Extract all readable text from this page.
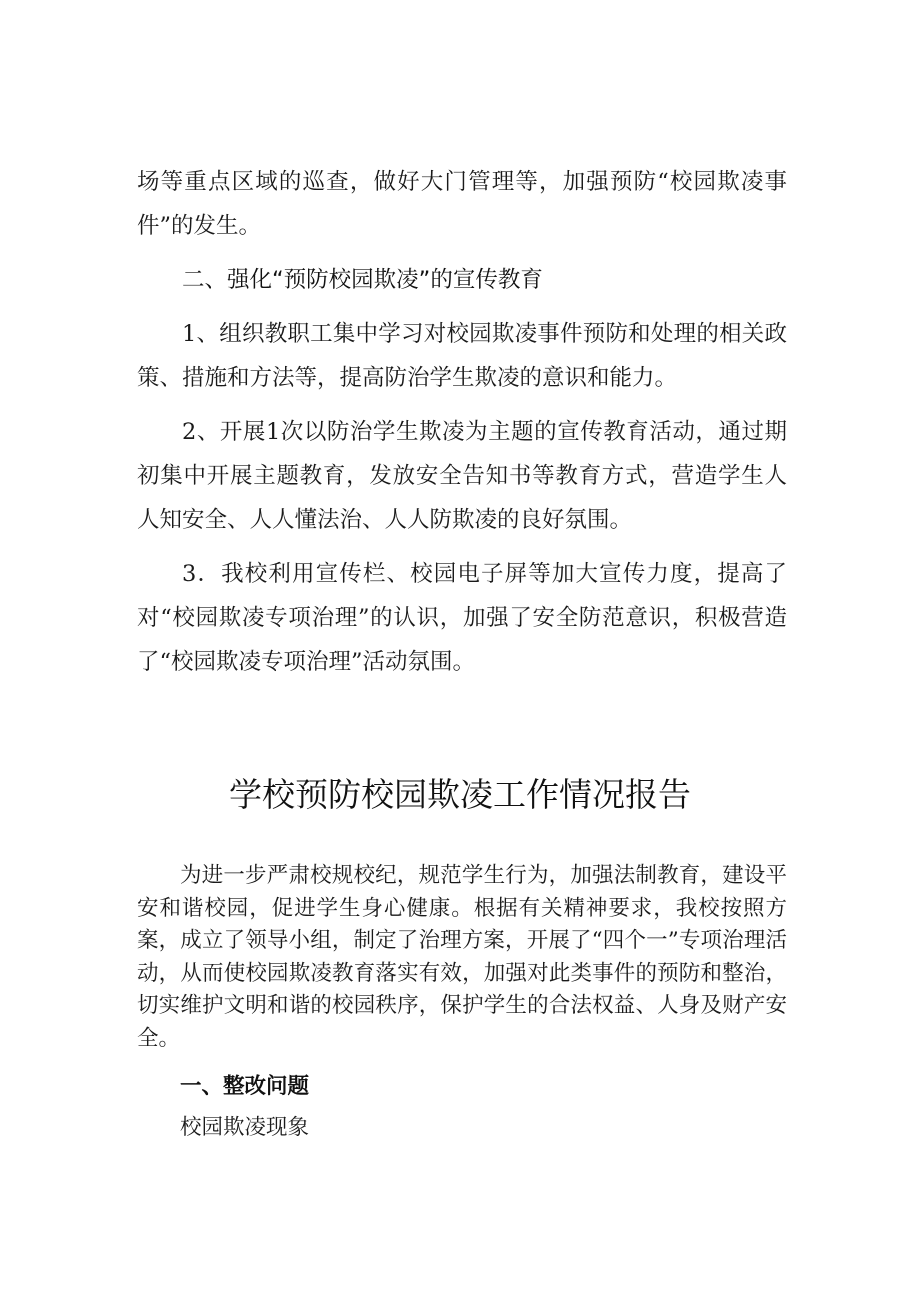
场等重点区域的巡查，做好大门管理等，加强预防“校园欺凌事件”的发生。

二、强化“预防校园欺凌”的宣传教育

1、组织教职工集中学习对校园欺凌事件预防和处理的相关政策、措施和方法等，提高防治学生欺凌的意识和能力。

2、开展1次以防治学生欺凌为主题的宣传教育活动，通过期初集中开展主题教育，发放安全告知书等教育方式，营造学生人人知安全、人人懂法治、人人防欺凌的良好氛围。

3．我校利用宣传栏、校园电子屏等加大宣传力度，提高了对“校园欺凌专项治理”的认识，加强了安全防范意识，积极营造了“校园欺凌专项治理”活动氛围。

学校预防校园欺凌工作情况报告

为进一步严肃校规校纪，规范学生行为，加强法制教育，建设平安和谐校园，促进学生身心健康。根据有关精神要求，我校按照方案，成立了领导小组，制定了治理方案，开展了“四个一”专项治理活动，从而使校园欺凌教育落实有效，加强对此类事件的预防和整治，切实维护文明和谐的校园秩序，保护学生的合法权益、人身及财产安全。

一、整改问题

校园欺凌现象
